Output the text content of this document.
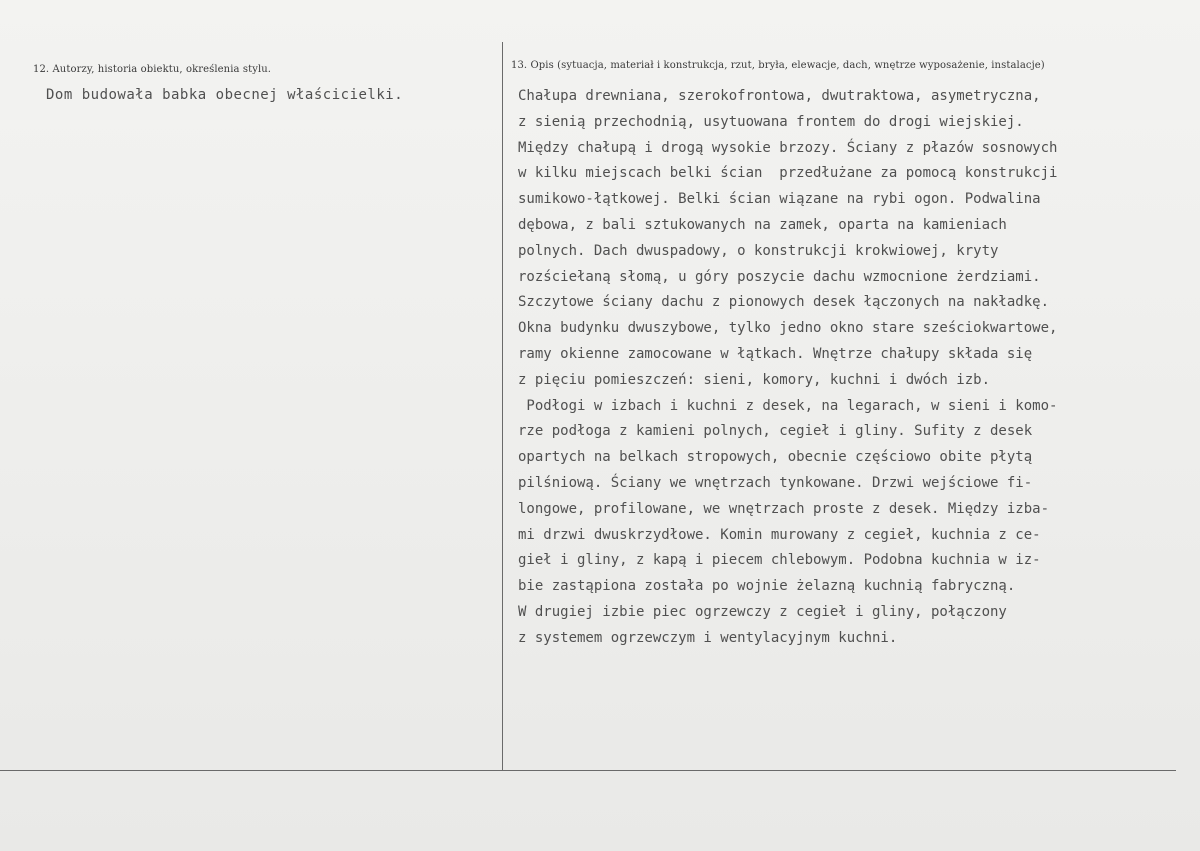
12. Autorzy, historia obiektu, określenia stylu.
Dom budowała babka obecnej właścicielki.
13. Opis (sytuacja, materiał i konstrukcja, rzut, bryła, elewacje, dach, wnętrze wyposażenie, instalacje)
Chałupa drewniana, szerokofrontowa, dwutraktowa, asymetryczna,
z sienią przechodnią, usytuowana frontem do drogi wiejskiej.
Między chałupą i drogą wysokie brzozy. Ściany z płazów sosnowych
w kilku miejscach belki ścian  przedłużane za pomocą konstrukcji
sumikowo-łątkowej. Belki ścian wiązane na rybi ogon. Podwalina
dębowa, z bali sztukowanych na zamek, oparta na kamieniach
polnych. Dach dwuspadowy, o konstrukcji krokwiowej, kryty
rozściełaną słomą, u góry poszycie dachu wzmocnione żerdziami.
Szczytowe ściany dachu z pionowych desek łączonych na nakładkę.
Okna budynku dwuszybowe, tylko jedno okno stare sześciokwartowe,
ramy okienne zamocowane w łątkach. Wnętrze chałupy składa się
z pięciu pomieszczeń: sieni, komory, kuchni i dwóch izb.
Podłogi w izbach i kuchni z desek, na legarach, w sieni i komo-
rze podłoga z kamieni polnych, cegieł i gliny. Sufity z desek
opartych na belkach stropowych, obecnie częściowo obite płytą
pilśniową. Ściany we wnętrzach tynkowane. Drzwi wejściowe fi-
longowe, profilowane, we wnętrzach proste z desek. Między izba-
mi drzwi dwuskrzydłowe. Komin murowany z cegieł, kuchnia z ce-
gieł i gliny, z kapą i piecem chlebowym. Podobna kuchnia w iz-
bie zastąpiona została po wojnie żelazną kuchnią fabryczną.
W drugiej izbie piec ogrzewczy z cegieł i gliny, połączony
z systemem ogrzewczym i wentylacyjnym kuchni.
